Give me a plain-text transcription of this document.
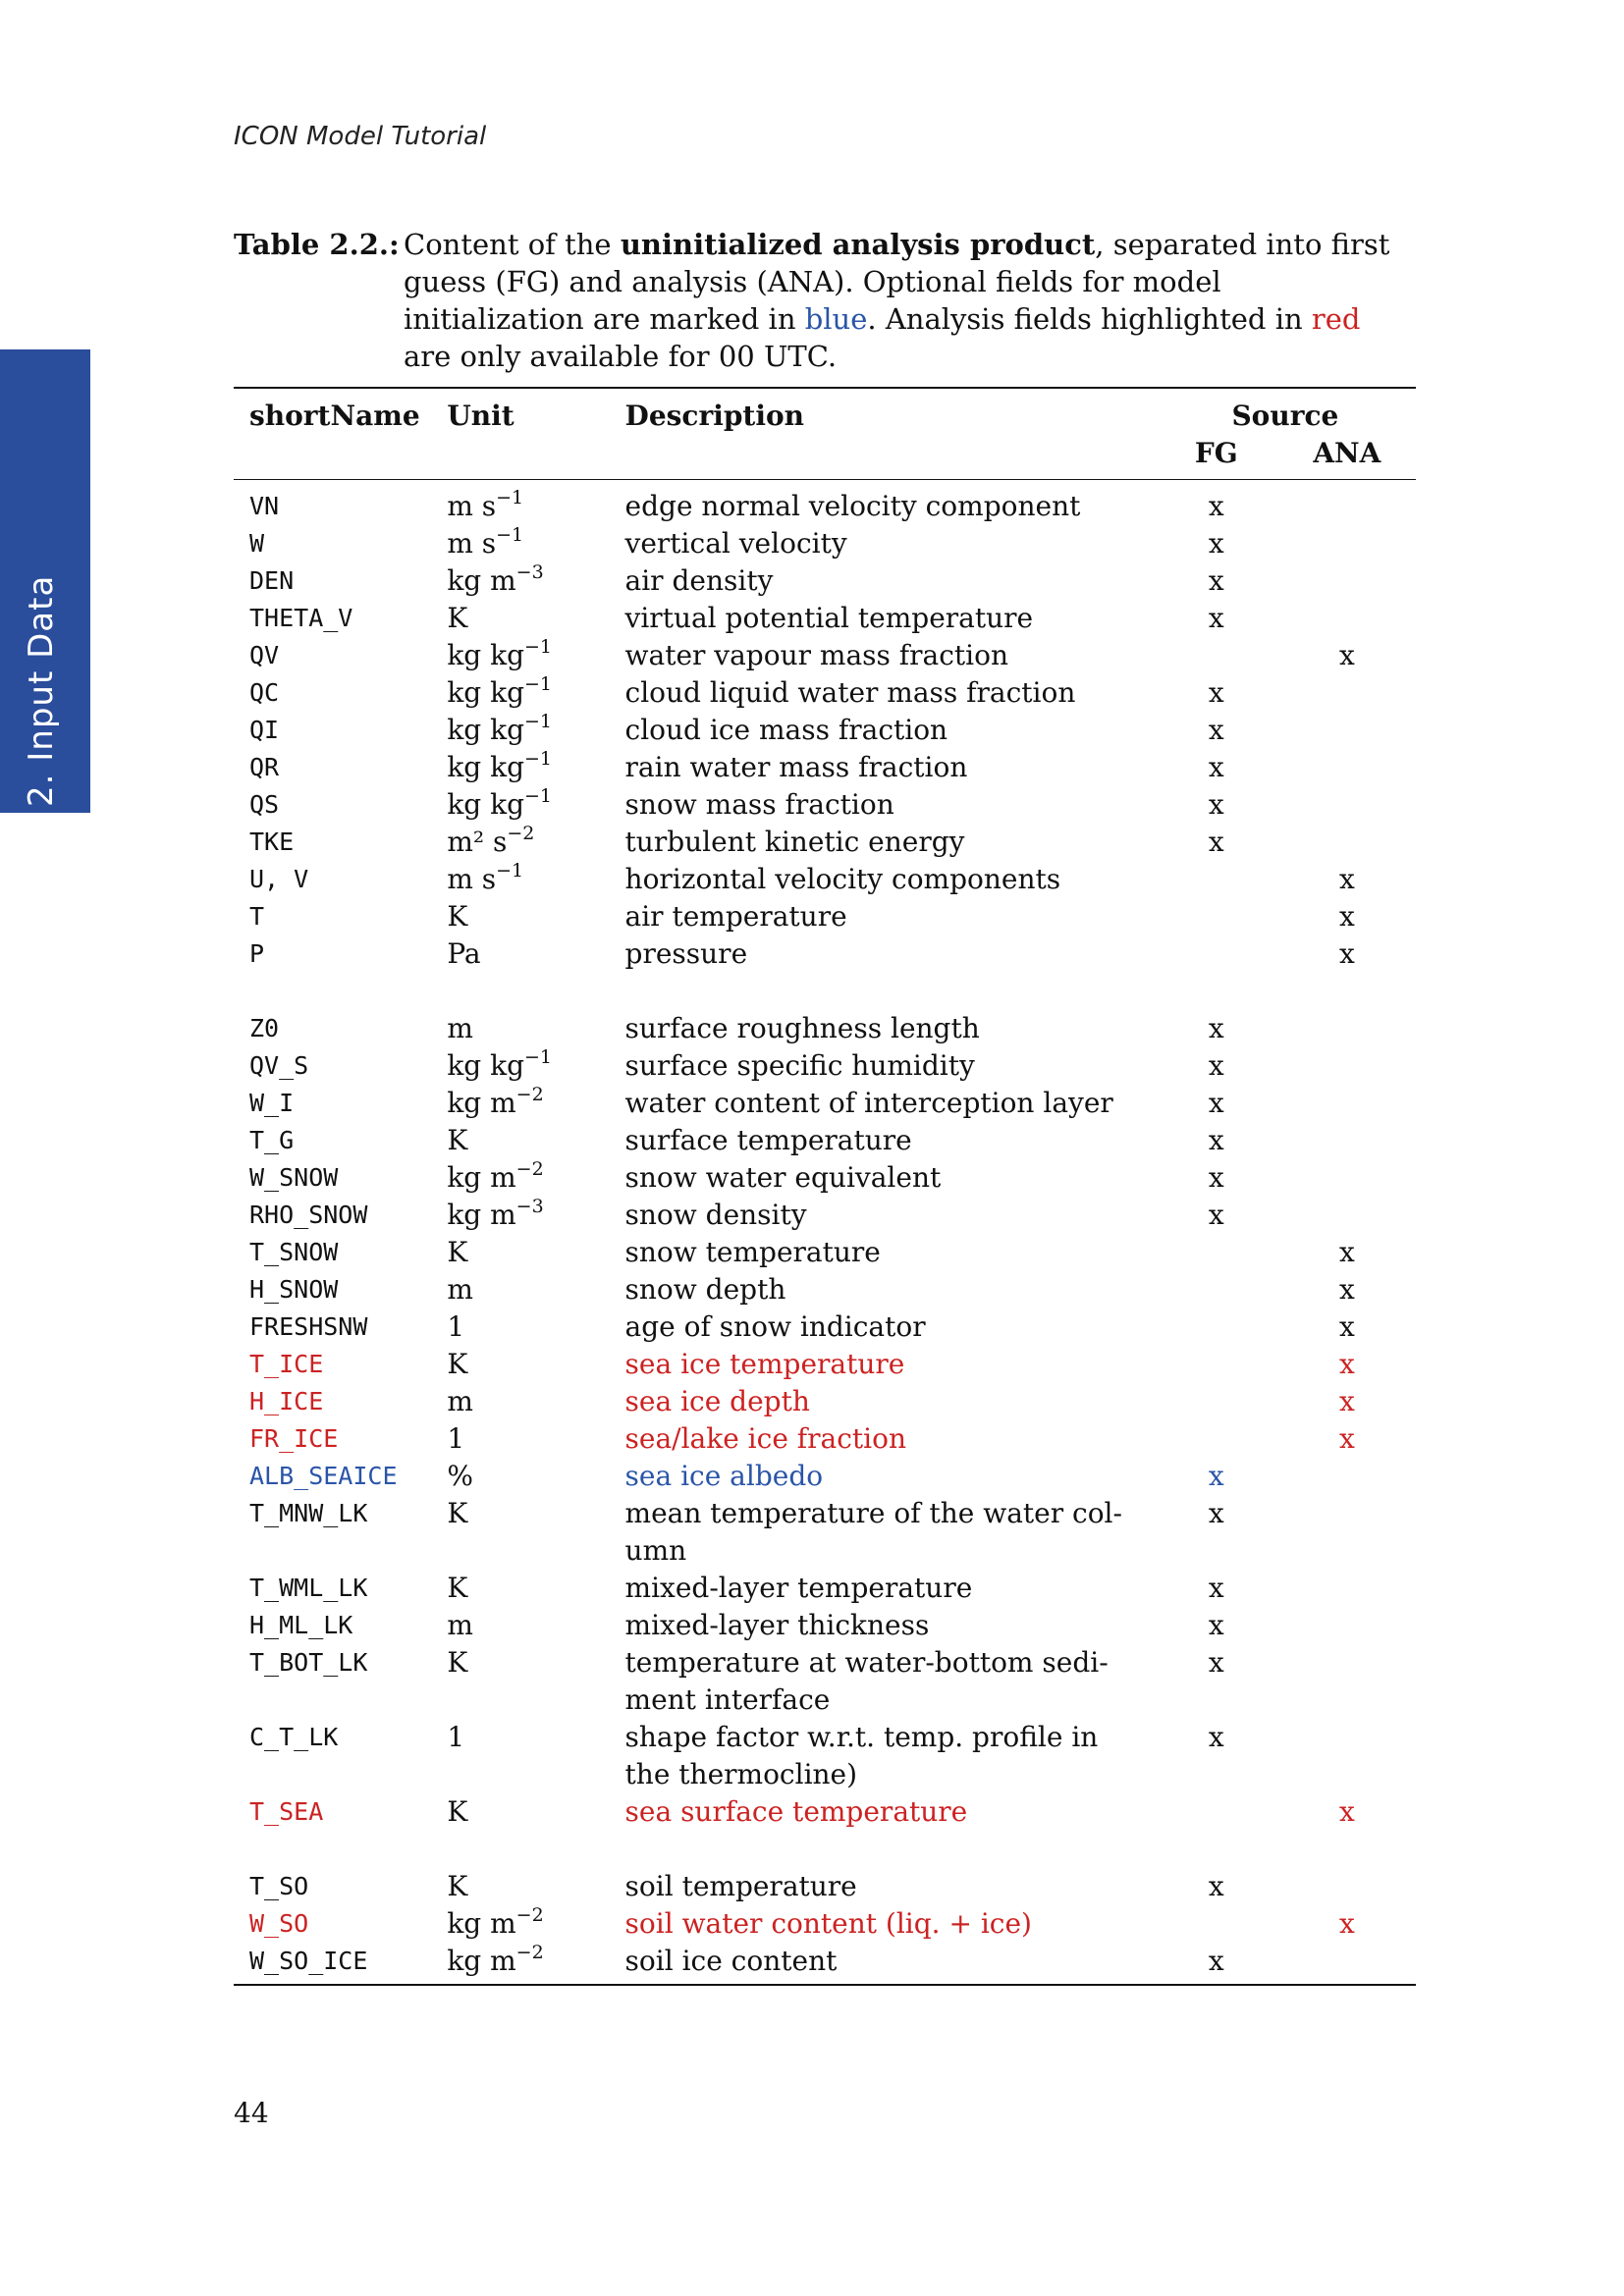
ICON Model Tutorial
2. Input Data
Table 2.2.: Content of the uninitialized analysis product, separated into first guess (FG) and analysis (ANA). Optional fields for model initialization are marked in blue. Analysis fields highlighted in red are only available for 00 UTC.
shortName	Unit	Description	Source	
			FG	ANA
VN	m $s^{-1}$	edge normal velocity component	x	
W	m $s^{-1}$	vertical velocity	x	
DEN	kg $m^{-3}$	air density	x	
THETA_V	K	virtual potential temperature	x	
QV	kg $kg^{-1}$	water vapour mass fraction		x
QC	kg $kg^{-1}$	cloud liquid water mass fraction	x	
QI	kg $kg^{-1}$	cloud ice mass fraction	x	
QR	kg $kg^{-1}$	rain water mass fraction	x	
QS	kg $kg^{-1}$	snow mass fraction	x	
TKE	m² $s^{-2}$	turbulent kinetic energy	x	
U, V	m $s^{-1}$	horizontal velocity components		x
T	K	air temperature		x
P	Pa	pressure		x

Z0	m	surface roughness length	x	
QV_S	kg $kg^{-1}$	surface specific humidity	x	
W_I	kg $m^{-2}$	water content of interception layer	x	
T_G	K	surface temperature	x	
W_SNOW	kg $m^{-2}$	snow water equivalent	x	
RHO_SNOW	kg $m^{-3}$	snow density	x	
T_SNOW	K	snow temperature		x
H_SNOW	m	snow depth		x
FRESHSNW	1	age of snow indicator		x
T_ICE	K	sea ice temperature		x
H_ICE	m	sea ice depth		x
FR_ICE	1	sea/lake ice fraction		x
ALB_SEAICE	%	sea ice albedo	x	
T_MNW_LK	K	mean temperature of the water col-
umn	x	
T_WML_LK	K	mixed-layer temperature	x	
H_ML_LK	m	mixed-layer thickness	x	
T_BOT_LK	K	temperature at water-bottom sedi-
ment interface	x	
C_T_LK	1	shape factor w.r.t. temp. profile in
the thermocline)	x	
T_SEA	K	sea surface temperature		x

T_SO	K	soil temperature	x	
W_SO	kg $m^{-2}$	soil water content (liq. + ice)		x
W_SO_ICE	kg $m^{-2}$	soil ice content	x	
44
